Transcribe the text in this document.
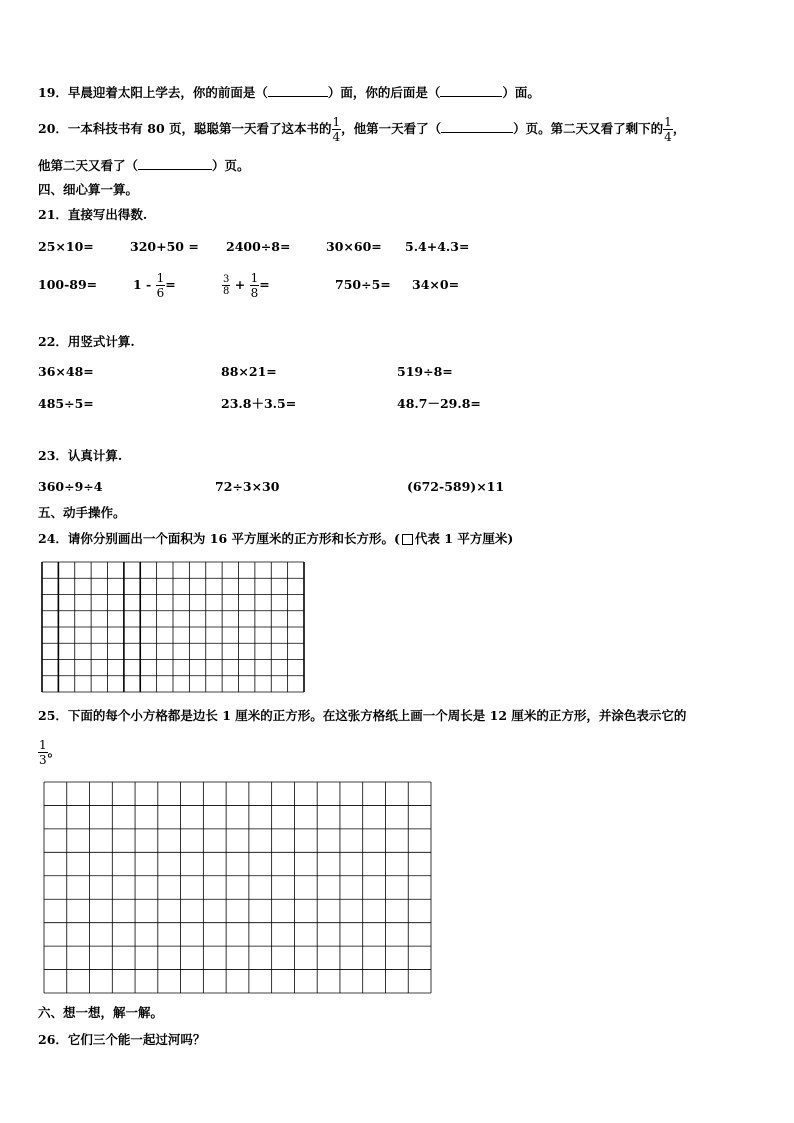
19．早晨迎着太阳上学去，你的前面是（	）面，你的后面是（	）面。
20．一本科技书有 80 页，聪聪第一天看了这本书的 $\frac{1}{4}$ ，他第一天看了（	）页。第二天又看了剩下的 $\frac{1}{4}$ ，
他第二天又看了（	）页。
四、细心算一算。
21．直接写出得数.
25×10=	320+50 = 2400÷8=	30×60= 5.4+4.3=
100-89=	$1 - \frac{1}{6}$ =	$\frac{3}{8} + \frac{1}{8}$ =	750÷5= 34×0=
22．用竖式计算.
36×48=	88×21=	519÷8=
485÷5=	23.8＋3.5=	48.7－29.8=
23．认真计算.
360÷9÷4	72÷3×30	(672-589)×11
五、动手操作。
24．请你分别画出一个面积为 16 平方厘米的正方形和长方形。( 代表 1 平方厘米)
25．下面的每个小方格都是边长 1 厘米的正方形。在这张方格纸上画一个周长是 12 厘米的正方形，并涂色表示它的
$\frac{1}{3}$ 。
六、想一想，解一解。
26．它们三个能一起过河吗？
